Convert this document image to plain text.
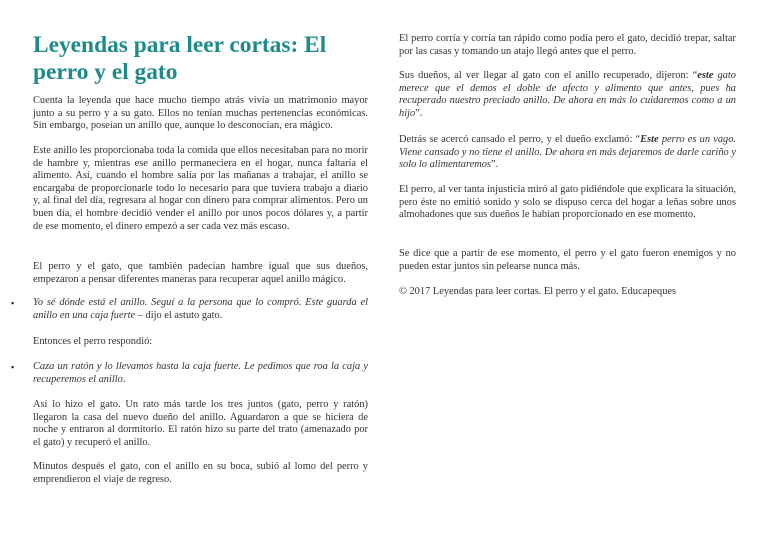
Leyendas para leer cortas: El perro y el gato

Cuenta la leyenda que hace mucho tiempo atrás vivía un matrimonio mayor junto a su perro y a su gato. Ellos no tenían muchas pertenencias económicas. Sin embargo, poseían un anillo que, aunque lo desconocían, era mágico.

Este anillo les proporcionaba toda la comida que ellos necesitaban para no morir de hambre y, mientras ese anillo permaneciera en el hogar, nunca faltaría el alimento. Así, cuando el hombre salía por las mañanas a trabajar, el anillo se encargaba de proporcionarle todo lo necesario para que tuviera trabajo a diario y, al final del día, regresara al hogar con dinero para comprar alimentos. Pero un buen día, el hombre decidió vender el anillo por unos pocos dólares y, a partir de ese momento, el dinero empezó a ser cada vez más escaso.

El perro y el gato, que también padecían hambre igual que sus dueños, empezaron a pensar diferentes maneras para recuperar aquel anillo mágico.

▪ Yo sé dónde está el anillo. Seguí a la persona que lo compró. Este guarda el anillo en una caja fuerte – dijo el astuto gato.

Entonces el perro respondió:

▪ Caza un ratón y lo llevamos hasta la caja fuerte. Le pedimos que roa la caja y recuperemos el anillo.

Así lo hizo el gato. Un rato más tarde los tres juntos (gato, perro y ratón) llegaron la casa del nuevo dueño del anillo. Aguardaron a que se hiciera de noche y entraron al dormitorio. El ratón hizo su parte del trato (amenazado por el gato) y recuperó el anillo.

Minutos después el gato, con el anillo en su boca, subió al lomo del perro y emprendieron el viaje de regreso.

El perro corría y corría tan rápido como podía pero el gato, decidió trepar, saltar por las casas y tomando un atajo llegó antes que el perro.

Sus dueños, al ver llegar al gato con el anillo recuperado, dijeron: “este gato merece que el demos el doble de afecto y alimento que antes, pues ha recuperado nuestro preciado anillo. De ahora en más lo cuidaremos como a un hijo”.

Detrás se acercó cansado el perro, y el dueño exclamó: “Este perro es un vago. Viene cansado y no tiene el anillo. De ahora en más dejaremos de darle cariño y solo lo alimentaremos”.

El perro, al ver tanta injusticia miró al gato pidiéndole que explicara la situación, pero éste no emitió sonido y solo se dispuso cerca del hogar a leñas sobre unos almohadones que sus dueños le habían proporcionado en ese momento.

Se dice que a partir de ese momento, el perro y el gato fueron enemigos y no pueden estar juntos sin pelearse nunca más.

© 2017 Leyendas para leer cortas. El perro y el gato. Educapeques
